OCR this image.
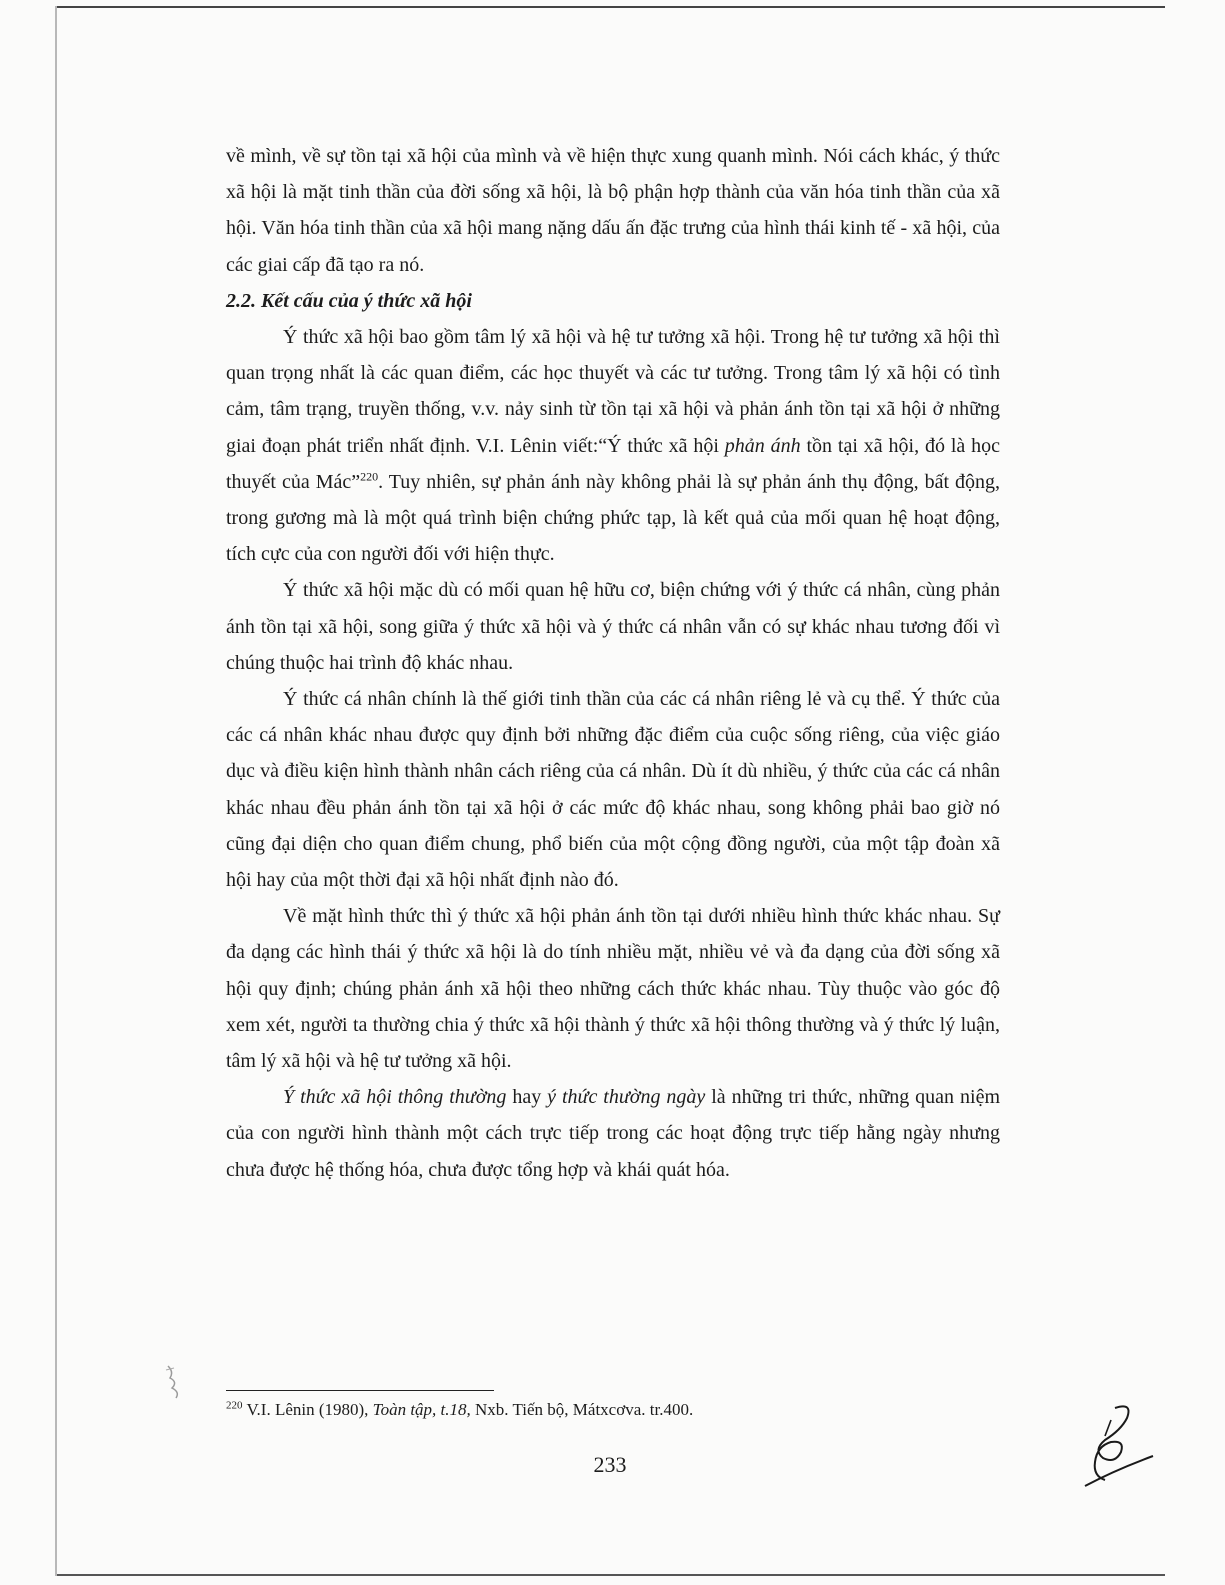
về mình, về sự tồn tại xã hội của mình và về hiện thực xung quanh mình. Nói cách khác, ý thức xã hội là mặt tinh thần của đời sống xã hội, là bộ phận hợp thành của văn hóa tinh thần của xã hội. Văn hóa tinh thần của xã hội mang nặng dấu ấn đặc trưng của hình thái kinh tế - xã hội, của các giai cấp đã tạo ra nó.

2.2. Kết cấu của ý thức xã hội

Ý thức xã hội bao gồm tâm lý xã hội và hệ tư tưởng xã hội. Trong hệ tư tưởng xã hội thì quan trọng nhất là các quan điểm, các học thuyết và các tư tưởng. Trong tâm lý xã hội có tình cảm, tâm trạng, truyền thống, v.v. nảy sinh từ tồn tại xã hội và phản ánh tồn tại xã hội ở những giai đoạn phát triển nhất định. V.I. Lênin viết:“Ý thức xã hội phản ánh tồn tại xã hội, đó là học thuyết của Mác”$^{220}$. Tuy nhiên, sự phản ánh này không phải là sự phản ánh thụ động, bất động, trong gương mà là một quá trình biện chứng phức tạp, là kết quả của mối quan hệ hoạt động, tích cực của con người đối với hiện thực.

Ý thức xã hội mặc dù có mối quan hệ hữu cơ, biện chứng với ý thức cá nhân, cùng phản ánh tồn tại xã hội, song giữa ý thức xã hội và ý thức cá nhân vẫn có sự khác nhau tương đối vì chúng thuộc hai trình độ khác nhau.

Ý thức cá nhân chính là thế giới tinh thần của các cá nhân riêng lẻ và cụ thể. Ý thức của các cá nhân khác nhau được quy định bởi những đặc điểm của cuộc sống riêng, của việc giáo dục và điều kiện hình thành nhân cách riêng của cá nhân. Dù ít dù nhiều, ý thức của các cá nhân khác nhau đều phản ánh tồn tại xã hội ở các mức độ khác nhau, song không phải bao giờ nó cũng đại diện cho quan điểm chung, phổ biến của một cộng đồng người, của một tập đoàn xã hội hay của một thời đại xã hội nhất định nào đó.

Về mặt hình thức thì ý thức xã hội phản ánh tồn tại dưới nhiều hình thức khác nhau. Sự đa dạng các hình thái ý thức xã hội là do tính nhiều mặt, nhiều vẻ và đa dạng của đời sống xã hội quy định; chúng phản ánh xã hội theo những cách thức khác nhau. Tùy thuộc vào góc độ xem xét, người ta thường chia ý thức xã hội thành ý thức xã hội thông thường và ý thức lý luận, tâm lý xã hội và hệ tư tưởng xã hội.

Ý thức xã hội thông thường hay ý thức thường ngày là những tri thức, những quan niệm của con người hình thành một cách trực tiếp trong các hoạt động trực tiếp hằng ngày nhưng chưa được hệ thống hóa, chưa được tổng hợp và khái quát hóa.

$^{220}$ V.I. Lênin (1980), Toàn tập, t.18, Nxb. Tiến bộ, Mátxcơva. tr.400.
233
